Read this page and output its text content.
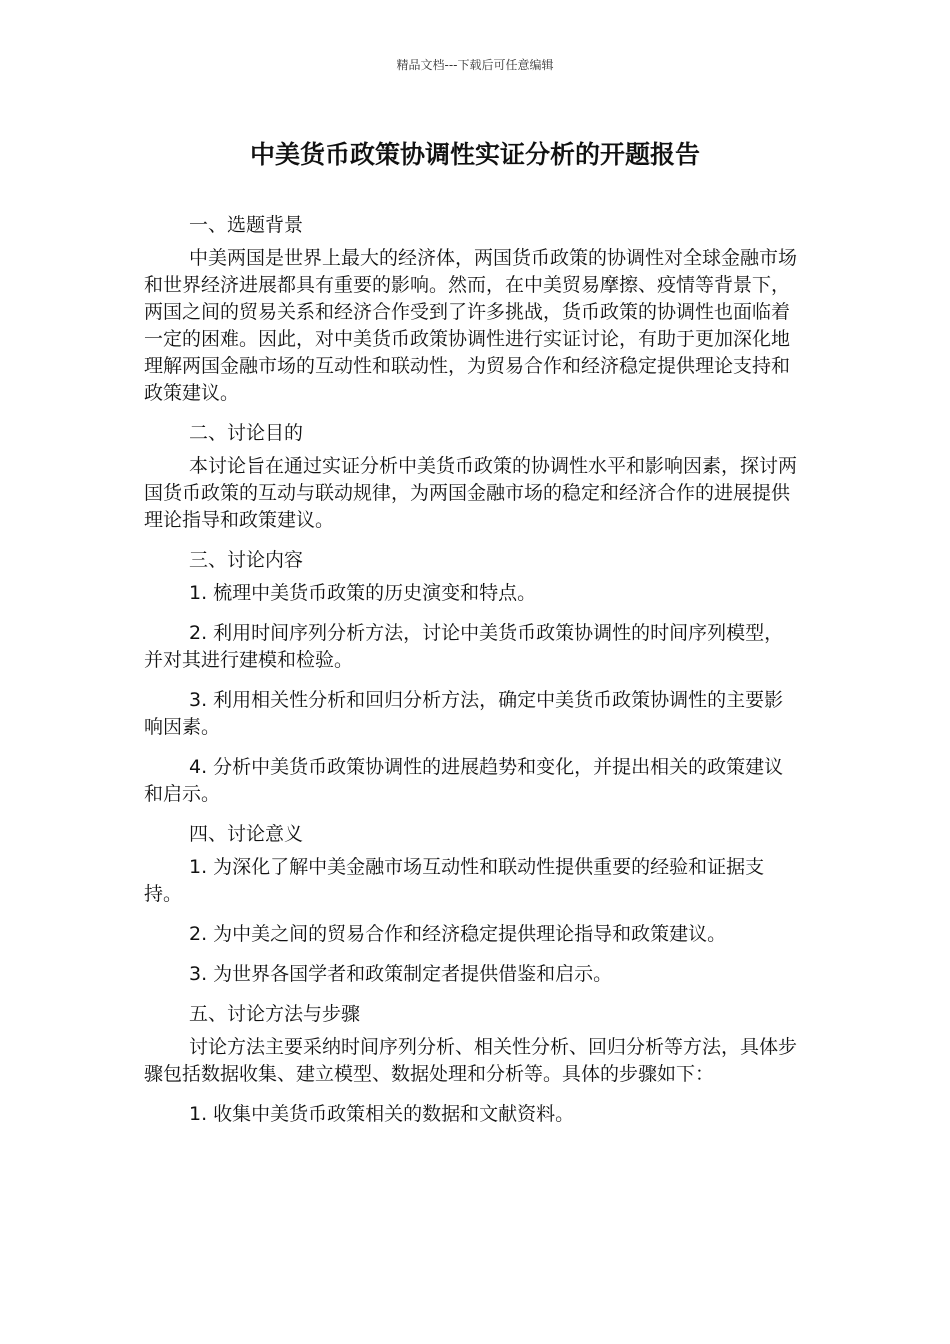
精品文档---下载后可任意编辑
中美货币政策协调性实证分析的开题报告

一、选题背景

中美两国是世界上最大的经济体，两国货币政策的协调性对全球金融市场和世界经济进展都具有重要的影响。然而，在中美贸易摩擦、疫情等背景下，两国之间的贸易关系和经济合作受到了许多挑战，货币政策的协调性也面临着一定的困难。因此，对中美货币政策协调性进行实证讨论，有助于更加深化地理解两国金融市场的互动性和联动性，为贸易合作和经济稳定提供理论支持和政策建议。

二、讨论目的

本讨论旨在通过实证分析中美货币政策的协调性水平和影响因素，探讨两国货币政策的互动与联动规律，为两国金融市场的稳定和经济合作的进展提供理论指导和政策建议。

三、讨论内容

1. 梳理中美货币政策的历史演变和特点。

2. 利用时间序列分析方法，讨论中美货币政策协调性的时间序列模型，并对其进行建模和检验。

3. 利用相关性分析和回归分析方法，确定中美货币政策协调性的主要影响因素。

4. 分析中美货币政策协调性的进展趋势和变化，并提出相关的政策建议和启示。

四、讨论意义

1. 为深化了解中美金融市场互动性和联动性提供重要的经验和证据支持。

2. 为中美之间的贸易合作和经济稳定提供理论指导和政策建议。

3. 为世界各国学者和政策制定者提供借鉴和启示。

五、讨论方法与步骤

讨论方法主要采纳时间序列分析、相关性分析、回归分析等方法，具体步骤包括数据收集、建立模型、数据处理和分析等。具体的步骤如下：

1. 收集中美货币政策相关的数据和文献资料。
